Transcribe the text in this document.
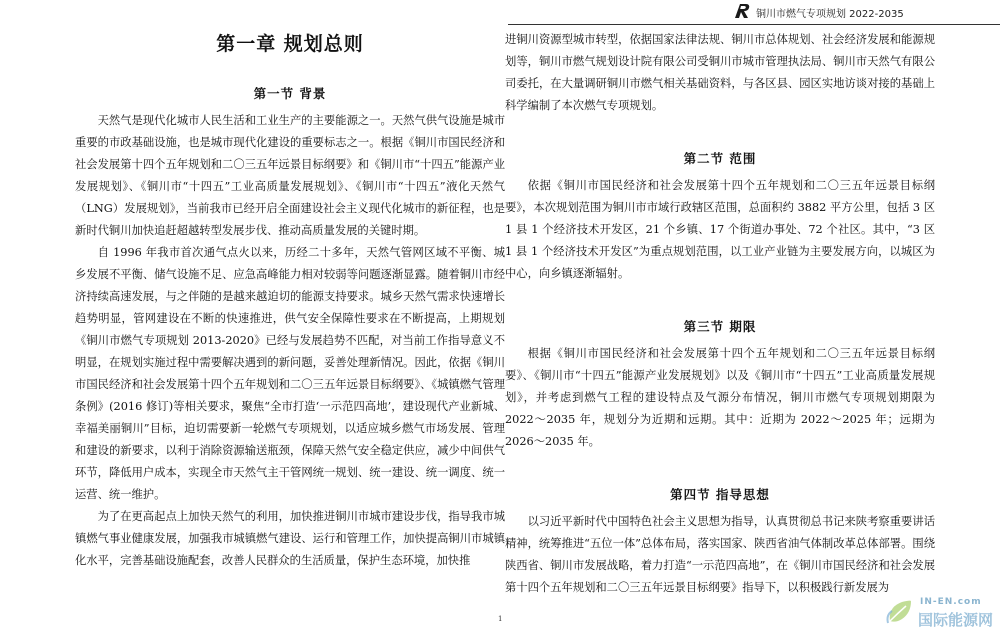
铜川市燃气专项规划 2022-2035
第一章 规划总则
第一节 背景

天然气是现代化城市人民生活和工业生产的主要能源之一。天然气供气设施是城市重要的市政基础设施，也是城市现代化建设的重要标志之一。根据《铜川市国民经济和社会发展第十四个五年规划和二〇三五年远景目标纲要》和《铜川市“十四五”能源产业发展规划》、《铜川市“十四五”工业高质量发展规划》、《铜川市“十四五”液化天然气（LNG）发展规划》，当前我市已经开启全面建设社会主义现代化城市的新征程，也是新时代铜川加快追赶超越转型发展步伐、推动高质量发展的关键时期。

自 1996 年我市首次通气点火以来，历经二十多年，天然气管网区域不平衡、城乡发展不平衡、储气设施不足、应急高峰能力相对较弱等问题逐渐显露。随着铜川市经济持续高速发展，与之伴随的是越来越迫切的能源支持要求。城乡天然气需求快速增长趋势明显，管网建设在不断的快速推进，供气安全保障性要求在不断提高，上期规划《铜川市燃气专项规划 2013-2020》已经与发展趋势不匹配，对当前工作指导意义不明显，在规划实施过程中需要解决遇到的新问题，妥善处理新情况。因此，依据《铜川市国民经济和社会发展第十四个五年规划和二〇三五年远景目标纲要》、《城镇燃气管理条例》(2016 修订)等相关要求，聚焦“全市打造‘一示范四高地’，建设现代产业新城、幸福美丽铜川”目标，迫切需要新一轮燃气专项规划，以适应城乡燃气市场发展、管理和建设的新要求，以利于消除资源输送瓶颈，保障天然气安全稳定供应，减少中间供气环节，降低用户成本，实现全市天然气主干管网统一规划、统一建设、统一调度、统一运营、统一维护。

为了在更高起点上加快天然气的利用，加快推进铜川市城市建设步伐，指导我市城镇燃气事业健康发展，加强我市城镇燃气建设、运行和管理工作，加快提高铜川市城镇化水平，完善基础设施配套，改善人民群众的生活质量，保护生态环境，加快推

进铜川资源型城市转型，依据国家法律法规、铜川市总体规划、社会经济发展和能源规划等，铜川市燃气规划设计院有限公司受铜川市城市管理执法局、铜川市天然气有限公司委托，在大量调研铜川市燃气相关基础资料，与各区县、园区实地访谈对接的基础上科学编制了本次燃气专项规划。

第二节 范围

依据《铜川市国民经济和社会发展第十四个五年规划和二〇三五年远景目标纲要》，本次规划范围为铜川市市域行政辖区范围，总面积约 3882 平方公里，包括 3 区 1 县 1 个经济技术开发区，21 个乡镇、17 个街道办事处、72 个社区。其中，“3 区 1 县 1 个经济技术开发区”为重点规划范围，以工业产业链为主要发展方向，以城区为中心，向乡镇逐渐辐射。

第三节 期限

根据《铜川市国民经济和社会发展第十四个五年规划和二〇三五年远景目标纲要》、《铜川市“十四五”能源产业发展规划》以及《铜川市“十四五”工业高质量发展规划》，并考虑到燃气工程的建设特点及气源分布情况，铜川市燃气专项规划期限为 2022～2035 年，规划分为近期和远期。其中：近期为 2022～2025 年；远期为 2026～2035 年。

第四节 指导思想

以习近平新时代中国特色社会主义思想为指导，认真贯彻总书记来陕考察重要讲话精神，统筹推进“五位一体”总体布局，落实国家、陕西省油气体制改革总体部署。围绕陕西省、铜川市发展战略，着力打造“一示范四高地”，在《铜川市国民经济和社会发展第十四个五年规划和二〇三五年远景目标纲要》指导下，以积极践行新发展为

1
IN-EN.com
国际能源网
